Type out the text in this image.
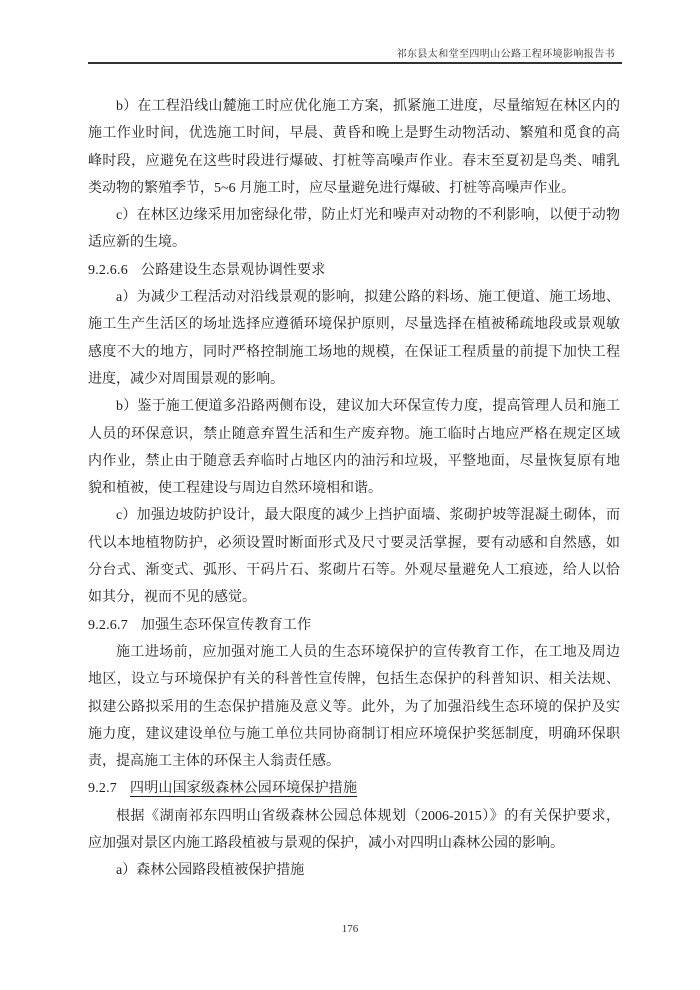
祁东县太和堂至四明山公路工程环境影响报告书
b）在工程沿线山麓施工时应优化施工方案，抓紧施工进度，尽量缩短在林区内的
施工作业时间，优选施工时间，早晨、黄昏和晚上是野生动物活动、繁殖和觅食的高
峰时段，应避免在这些时段进行爆破、打桩等高噪声作业。春末至夏初是鸟类、哺乳
类动物的繁殖季节，5~6 月施工时，应尽量避免进行爆破、打桩等高噪声作业。
c）在林区边缘采用加密绿化带，防止灯光和噪声对动物的不利影响，以便于动物
适应新的生境。
9.2.6.6 公路建设生态景观协调性要求
a）为减少工程活动对沿线景观的影响，拟建公路的料场、施工便道、施工场地、
施工生产生活区的场址选择应遵循环境保护原则，尽量选择在植被稀疏地段或景观敏
感度不大的地方，同时严格控制施工场地的规模，在保证工程质量的前提下加快工程
进度，减少对周围景观的影响。
b）鉴于施工便道多沿路两侧布设，建议加大环保宣传力度，提高管理人员和施工
人员的环保意识，禁止随意弃置生活和生产废弃物。施工临时占地应严格在规定区域
内作业，禁止由于随意丢弃临时占地区内的油污和垃圾，平整地面，尽量恢复原有地
貌和植被，使工程建设与周边自然环境相和谐。
c）加强边坡防护设计，最大限度的减少上挡护面墙、浆砌护坡等混凝土砌体，而
代以本地植物防护，必须设置时断面形式及尺寸要灵活掌握，要有动感和自然感，如
分台式、渐变式、弧形、干码片石、浆砌片石等。外观尽量避免人工痕迹，给人以恰
如其分，视而不见的感觉。
9.2.6.7 加强生态环保宣传教育工作
施工进场前，应加强对施工人员的生态环境保护的宣传教育工作，在工地及周边
地区，设立与环境保护有关的科普性宣传牌，包括生态保护的科普知识、相关法规、
拟建公路拟采用的生态保护措施及意义等。此外，为了加强沿线生态环境的保护及实
施力度，建议建设单位与施工单位共同协商制订相应环境保护奖惩制度，明确环保职
责，提高施工主体的环保主人翁责任感。
9.2.7 四明山国家级森林公园环境保护措施
根据《湖南祁东四明山省级森林公园总体规划（2006-2015）》的有关保护要求，
应加强对景区内施工路段植被与景观的保护，减小对四明山森林公园的影响。
a）森林公园路段植被保护措施
176
